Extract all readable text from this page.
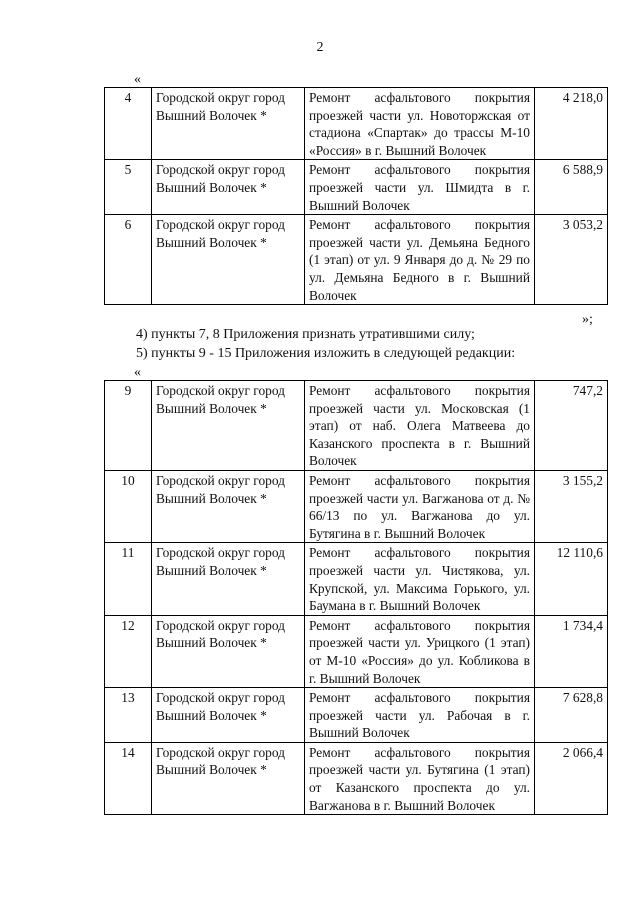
2
«
4	Городской округ город Вышний Волочек *	Ремонт асфальтового покрытия проезжей части ул. Новоторжская от стадиона «Спартак» до трассы М-10 «Россия» в г. Вышний Волочек	4 218,0
5	Городской округ город Вышний Волочек *	Ремонт асфальтового покрытия проезжей части ул. Шмидта в г. Вышний Волочек	6 588,9
6	Городской округ город Вышний Волочек *	Ремонт асфальтового покрытия проезжей части ул. Демьяна Бедного (1 этап) от ул. 9 Января до д. № 29 по ул. Демьяна Бедного в г. Вышний Волочек	3 053,2
»;
4) пункты 7, 8 Приложения признать утратившими силу;
5) пункты 9 - 15 Приложения изложить в следующей редакции:
«
9	Городской округ город Вышний Волочек *	Ремонт асфальтового покрытия проезжей части ул. Московская (1 этап) от наб. Олега Матвеева до Казанского проспекта в г. Вышний Волочек	747,2
10	Городской округ город Вышний Волочек *	Ремонт асфальтового покрытия проезжей части ул. Вагжанова от д. № 66/13 по ул. Вагжанова до ул. Бутягина в г. Вышний Волочек	3 155,2
11	Городской округ город Вышний Волочек *	Ремонт асфальтового покрытия проезжей части ул. Чистякова, ул. Крупской, ул. Максима Горького, ул. Баумана в г. Вышний Волочек	12 110,6
12	Городской округ город Вышний Волочек *	Ремонт асфальтового покрытия проезжей части ул. Урицкого (1 этап) от М-10 «Россия» до ул. Кобликова в г. Вышний Волочек	1 734,4
13	Городской округ город Вышний Волочек *	Ремонт асфальтового покрытия проезжей части ул. Рабочая в г. Вышний Волочек	7 628,8
14	Городской округ город Вышний Волочек *	Ремонт асфальтового покрытия проезжей части ул. Бутягина (1 этап) от Казанского проспекта до ул. Вагжанова в г. Вышний Волочек	2 066,4
